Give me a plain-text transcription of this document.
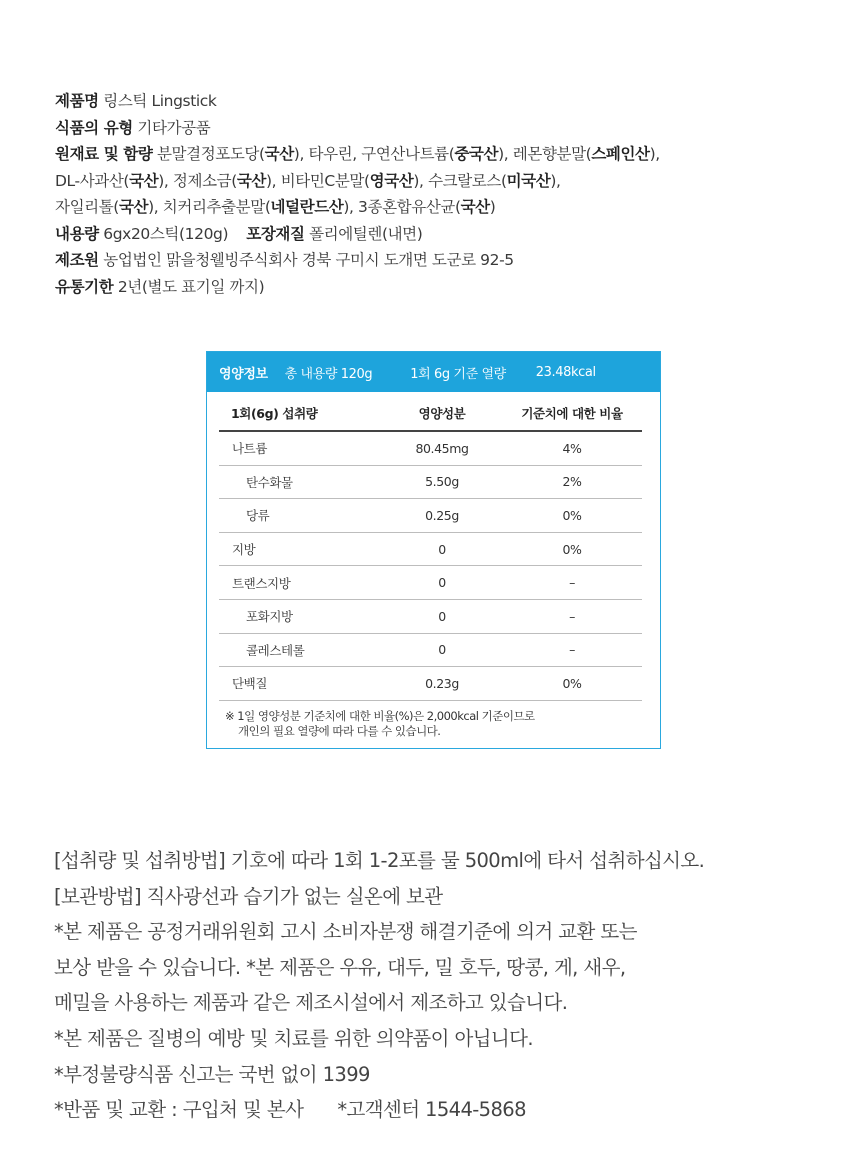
제품명 링스틱 Lingstick
식품의 유형 기타가공품
원재료 및 함량 분말결정포도당(국산), 타우린, 구연산나트륨(중국산), 레몬향분말(스페인산),
DL-사과산(국산), 정제소금(국산), 비타민C분말(영국산), 수크랄로스(미국산),
자일리톨(국산), 치커리추출분말(네덜란드산), 3종혼합유산균(국산)
내용량 6gx20스틱(120g) 포장재질 폴리에틸렌(내면)
제조원 농업법인 맑을청웰빙주식회사 경북 구미시 도개면 도군로 92-5
유통기한 2년(별도 표기일 까지)
영양정보 총 내용량 120g	1회 6g 기준 열량 23.48kcal
1회(6g) 섭취량	영양성분	기준치에 대한 비율
나트륨	80.45mg	4%
탄수화물	5.50g	2%
당류	0.25g	0%
지방	0	0%
트랜스지방	0	–
포화지방	0	–
콜레스테롤	0	–
단백질	0.23g	0%
※ 1일 영양성분 기준치에 대한 비율(%)은 2,000kcal 기준이므로
개인의 필요 열량에 따라 다를 수 있습니다.
[섭취량 및 섭취방법] 기호에 따라 1회 1-2포를 물 500ml에 타서 섭취하십시오.
[보관방법] 직사광선과 습기가 없는 실온에 보관
*본 제품은 공정거래위원회 고시 소비자분쟁 해결기준에 의거 교환 또는
보상 받을 수 있습니다. *본 제품은 우유, 대두, 밀 호두, 땅콩, 게, 새우,
메밀을 사용하는 제품과 같은 제조시설에서 제조하고 있습니다.
*본 제품은 질병의 예방 및 치료를 위한 의약품이 아닙니다.
*부정불량식품 신고는 국번 없이 1399
*반품 및 교환 : 구입처 및 본사 *고객센터 1544-5868
